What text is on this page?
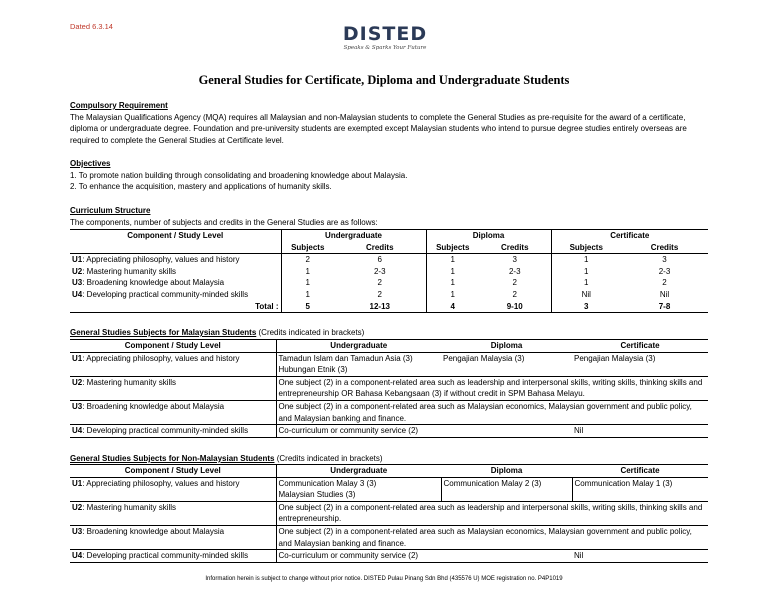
Dated 6.3.14	DISTED
Speaks & Sparks Your Future
General Studies for Certificate, Diploma and Undergraduate Students
Compulsory Requirement
The Malaysian Qualifications Agency (MQA) requires all Malaysian and non-Malaysian students to complete the General Studies as pre-requisite for the award of a certificate, diploma or undergraduate degree. Foundation and pre-university students are exempted except Malaysian students who intend to pursue degree studies entirely overseas are required to complete the General Studies at Certificate level.
Objectives
1. To promote nation building through consolidating and broadening knowledge about Malaysia.
2. To enhance the acquisition, mastery and applications of humanity skills.
Curriculum Structure
The components, number of subjects and credits in the General Studies are as follows:
Component / Study Level	Undergraduate		Diploma		Certificate	
	Subjects	Credits	Subjects	Credits	Subjects	Credits
U1: Appreciating philosophy, values and history	2	6	1	3	1	3
U2: Mastering humanity skills	1	2-3	1	2-3	1	2-3
U3: Broadening knowledge about Malaysia	1	2	1	2	1	2
U4: Developing practical community-minded skills	1	2	1	2	Nil	Nil
Total :	5	12-13	4	9-10	3	7-8
General Studies Subjects for Malaysian Students (Credits indicated in brackets)
Component / Study Level	Undergraduate	Diploma	Certificate
U1: Appreciating philosophy, values and history	Tamadun Islam dan Tamadun Asia (3)
Hubungan Etnik (3)	Pengajian Malaysia (3)	Pengajian Malaysia (3)
U2: Mastering humanity skills	One subject (2) in a component-related area such as leadership and interpersonal skills, writing skills, thinking skills and entrepreneurship OR Bahasa Kebangsaan (3) if without credit in SPM Bahasa Melayu.		
U3: Broadening knowledge about Malaysia	One subject (2) in a component-related area such as Malaysian economics, Malaysian government and public policy, and Malaysian banking and finance.		
U4: Developing practical community-minded skills	Co-curriculum or community service (2)		Nil
General Studies Subjects for Non-Malaysian Students (Credits indicated in brackets)
Component / Study Level	Undergraduate	Diploma	Certificate
U1: Appreciating philosophy, values and history	Communication Malay 3 (3)
Malaysian Studies (3)	Communication Malay 2 (3)	Communication Malay 1 (3)
U2: Mastering humanity skills	One subject (2) in a component-related area such as leadership and interpersonal skills, writing skills, thinking skills and entrepreneurship.		
U3: Broadening knowledge about Malaysia	One subject (2) in a component-related area such as Malaysian economics, Malaysian government and public policy, and Malaysian banking and finance.		
U4: Developing practical community-minded skills	Co-curriculum or community service (2)		Nil
Information herein is subject to change without prior notice. DISTED Pulau Pinang Sdn Bhd (435576 U) MOE registration no. P4P1019
